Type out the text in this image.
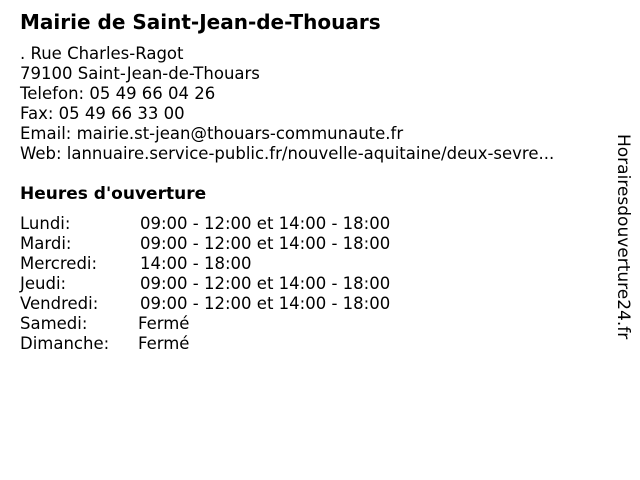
Mairie de Saint-Jean-de-Thouars
. Rue Charles-Ragot
79100 Saint-Jean-de-Thouars
Telefon: 05 49 66 04 26
Fax: 05 49 66 33 00
Email: mairie.st-jean@thouars-communaute.fr
Web: lannuaire.service-public.fr/nouvelle-aquitaine/deux-sevre...
Heures d'ouverture
Lundi:	09:00 - 12:00 et 14:00 - 18:00
Mardi:	09:00 - 12:00 et 14:00 - 18:00
Mercredi:	14:00 - 18:00
Jeudi:	09:00 - 12:00 et 14:00 - 18:00
Vendredi:	09:00 - 12:00 et 14:00 - 18:00
Samedi:	Fermé
Dimanche: Fermé
Horairesdouverture24.fr
